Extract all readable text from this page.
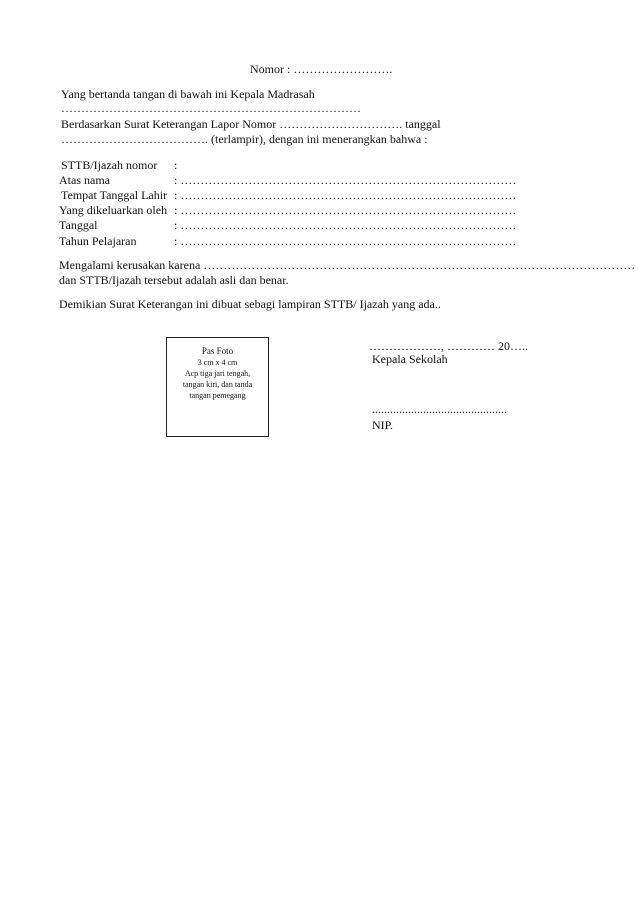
Nomor : …………………….
Yang bertanda tangan di bawah ini Kepala Madrasah
…………………………………………………………………
Berdasarkan Surat Keterangan Lapor Nomor …………………………. tanggal
………………………………. (terlampir), dengan ini menerangkan bahwa :
STTB/Ijazah nomor :
Atas nama	: …………………………………………………………………………
Tempat Tanggal Lahir : …………………………………………………………………………
Yang dikeluarkan oleh : …………………………………………………………………………
Tanggal	: …………………………………………………………………………
Tahun Pelajaran	: …………………………………………………………………………
Mengalami kerusakan karena ………………………………………………………………………………………………
dan STTB/Ijazah tersebut adalah asli dan benar.
Demikian Surat Keterangan ini dibuat sebagi lampiran STTB/ Ijazah yang ada..
Pas Foto
3 cm x 4 cm
Acp tiga jari tengah,
tangan kiri, dan tanda
tangan pemegang
………………, ………… 20…..
Kepala Sekolah
.............................................
NIP.
